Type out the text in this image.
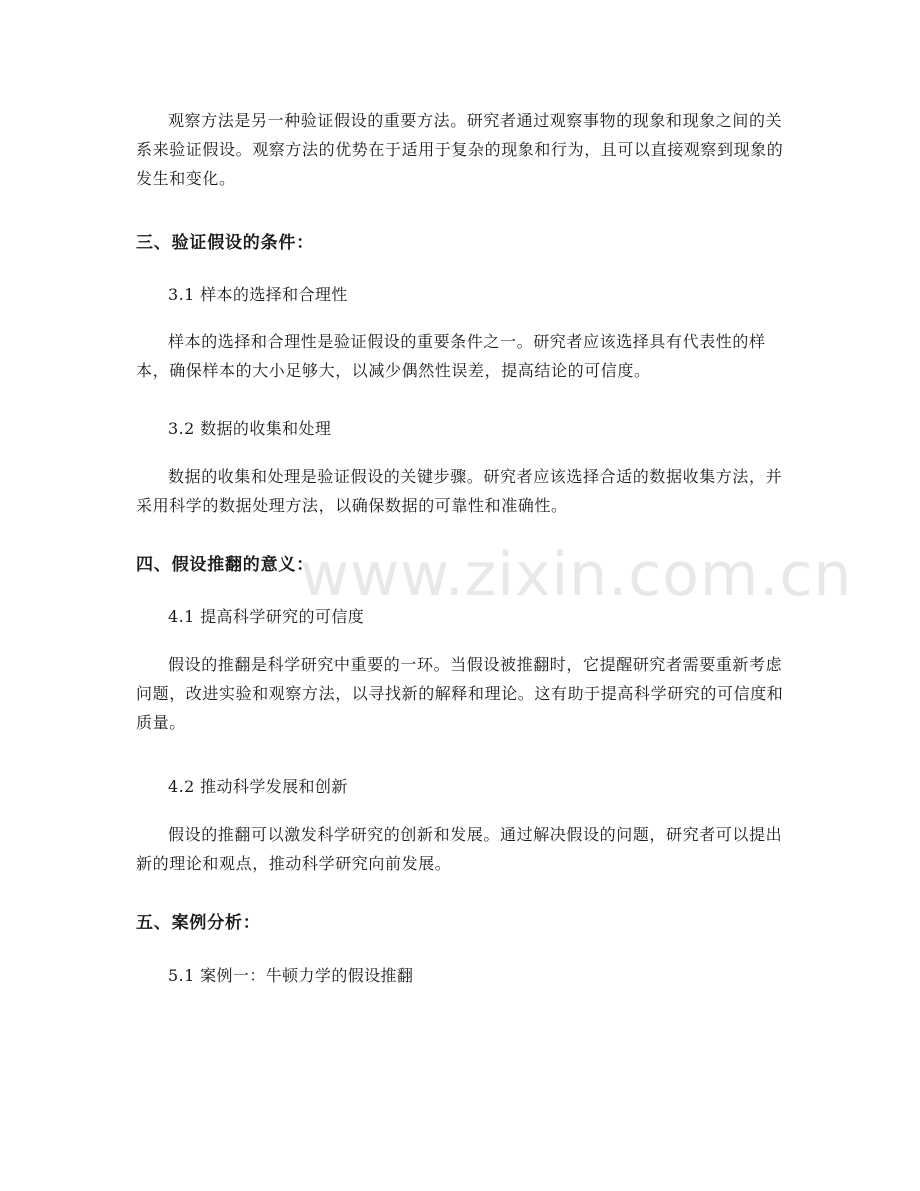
观察方法是另一种验证假设的重要方法。研究者通过观察事物的现象和现象之间的关系来验证假设。观察方法的优势在于适用于复杂的现象和行为，且可以直接观察到现象的发生和变化。

三、验证假设的条件：

3.1 样本的选择和合理性

样本的选择和合理性是验证假设的重要条件之一。研究者应该选择具有代表性的样本，确保样本的大小足够大，以减少偶然性误差，提高结论的可信度。

3.2 数据的收集和处理

数据的收集和处理是验证假设的关键步骤。研究者应该选择合适的数据收集方法，并采用科学的数据处理方法，以确保数据的可靠性和准确性。

四、假设推翻的意义：

4.1 提高科学研究的可信度

假设的推翻是科学研究中重要的一环。当假设被推翻时，它提醒研究者需要重新考虑问题，改进实验和观察方法，以寻找新的解释和理论。这有助于提高科学研究的可信度和质量。

4.2 推动科学发展和创新

假设的推翻可以激发科学研究的创新和发展。通过解决假设的问题，研究者可以提出新的理论和观点，推动科学研究向前发展。

五、案例分析：

5.1 案例一：牛顿力学的假设推翻

www.zixin.com.cn
